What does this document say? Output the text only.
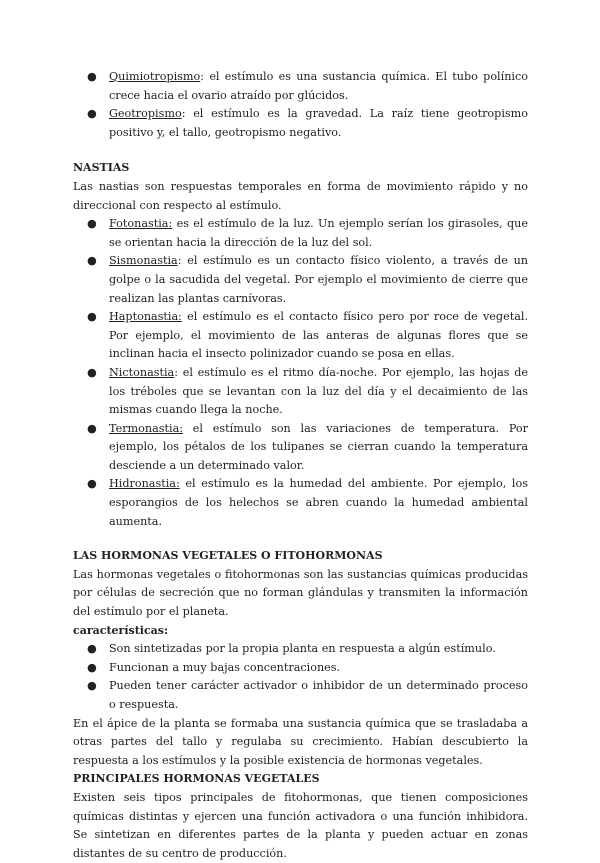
● Quimiotropismo: el estímulo es una sustancia química. El tubo polínico crece hacia el ovario atraído por glúcidos.
● Geotropismo: el estímulo es la gravedad. La raíz tiene geotropismo positivo y, el tallo, geotropismo negativo.
NASTIAS

Las nastias son respuestas temporales en forma de movimiento rápido y no direccional con respecto al estímulo.

● Fotonastia: es el estímulo de la luz. Un ejemplo serían los girasoles, que se orientan hacia la dirección de la luz del sol.
● Sismonastia: el estímulo es un contacto físico violento, a través de un golpe o la sacudida del vegetal. Por ejemplo el movimiento de cierre que realizan las plantas carnívoras.
● Haptonastia: el estímulo es el contacto físico pero por roce de vegetal. Por ejemplo, el movimiento de las anteras de algunas flores que se inclinan hacia el insecto polinizador cuando se posa en ellas.
● Nictonastia: el estímulo es el ritmo día-noche. Por ejemplo, las hojas de los tréboles que se levantan con la luz del día y el decaimiento de las mismas cuando llega la noche.
● Termonastia: el estímulo son las variaciones de temperatura. Por ejemplo, los pétalos de los tulipanes se cierran cuando la temperatura desciende a un determinado valor.
● Hidronastia: el estímulo es la humedad del ambiente. Por ejemplo, los esporangios de los helechos se abren cuando la humedad ambiental aumenta.
LAS HORMONAS VEGETALES O FITOHORMONAS

Las hormonas vegetales o fitohormonas son las sustancias químicas producidas por células de secreción que no forman glándulas y transmiten la información del estímulo por el planeta.

características:
● Son sintetizadas por la propia planta en respuesta a algún estímulo.
● Funcionan a muy bajas concentraciones.
● Pueden tener carácter activador o inhibidor de un determinado proceso o respuesta.

En el ápice de la planta se formaba una sustancia química que se trasladaba a otras partes del tallo y regulaba su crecimiento. Habían descubierto la respuesta a los estímulos y la posible existencia de hormonas vegetales.

PRINCIPALES HORMONAS VEGETALES

Existen seis tipos principales de fitohormonas, que tienen composiciones químicas distintas y ejercen una función activadora o una función inhibidora. Se sintetizan en diferentes partes de la planta y pueden actuar en zonas distantes de su centro de producción.
